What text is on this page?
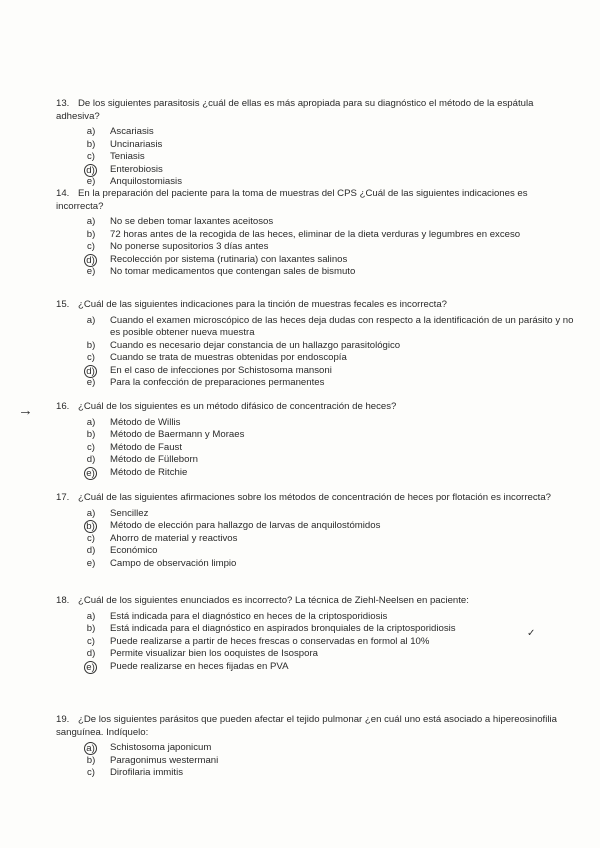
13. De los siguientes parasitosis ¿cuál de ellas es más apropiada para su diagnóstico el método de la espátula adhesiva?
a) Ascariasis
b) Uncinariasis
c)	Teniasis
d) Enterobiosis
e) Anquilostomiasis
14. En la preparación del paciente para la toma de muestras del CPS ¿Cuál de las siguientes indicaciones es incorrecta?
a) No se deben tomar laxantes aceitosos
b) 72 horas antes de la recogida de las heces, eliminar de la dieta verduras y legumbres en exceso
c)	No ponerse supositorios 3 días antes
d) Recolección por sistema (rutinaria) con laxantes salinos
e) No tomar medicamentos que contengan sales de bismuto
15. ¿Cuál de las siguientes indicaciones para la tinción de muestras fecales es incorrecta?
a) Cuando el examen microscópico de las heces deja dudas con respecto a la identificación de un parásito y no es posible obtener nueva muestra
b) Cuando es necesario dejar constancia de un hallazgo parasitológico
c)	Cuando se trata de muestras obtenidas por endoscopía
d) En el caso de infecciones por Schistosoma mansoni
e) Para la confección de preparaciones permanentes
→ 16. ¿Cuál de los siguientes es un método difásico de concentración de heces?
a) Método de Willis
b) Método de Baermann y Moraes
c)	Método de Faust
d) Método de Fülleborn
e) Método de Ritchie
17. ¿Cuál de las siguientes afirmaciones sobre los métodos de concentración de heces por flotación es incorrecta?
a) Sencillez
b) Método de elección para hallazgo de larvas de anquilostómidos
c)	Ahorro de material y reactivos
d) Económico
e) Campo de observación limpio
18. ¿Cuál de los siguientes enunciados es incorrecto? La técnica de Ziehl-Neelsen en paciente:
a) Está indicada para el diagnóstico en heces de la criptosporidiosis
b) Está indicada para el diagnóstico en aspirados bronquiales de la criptosporidiosis
c)	Puede realizarse a partir de heces frescas o conservadas en formol al 10%
d) Permite visualizar bien los ooquistes de Isospora
e) Puede realizarse en heces fijadas en PVA
✓
19. ¿De los siguientes parásitos que pueden afectar el tejido pulmonar ¿en cuál uno está asociado a hipereosinofilia sanguínea. Indíquelo:
a) Schistosoma japonicum
b) Paragonimus westermani
c)	Dirofilaria immitis
